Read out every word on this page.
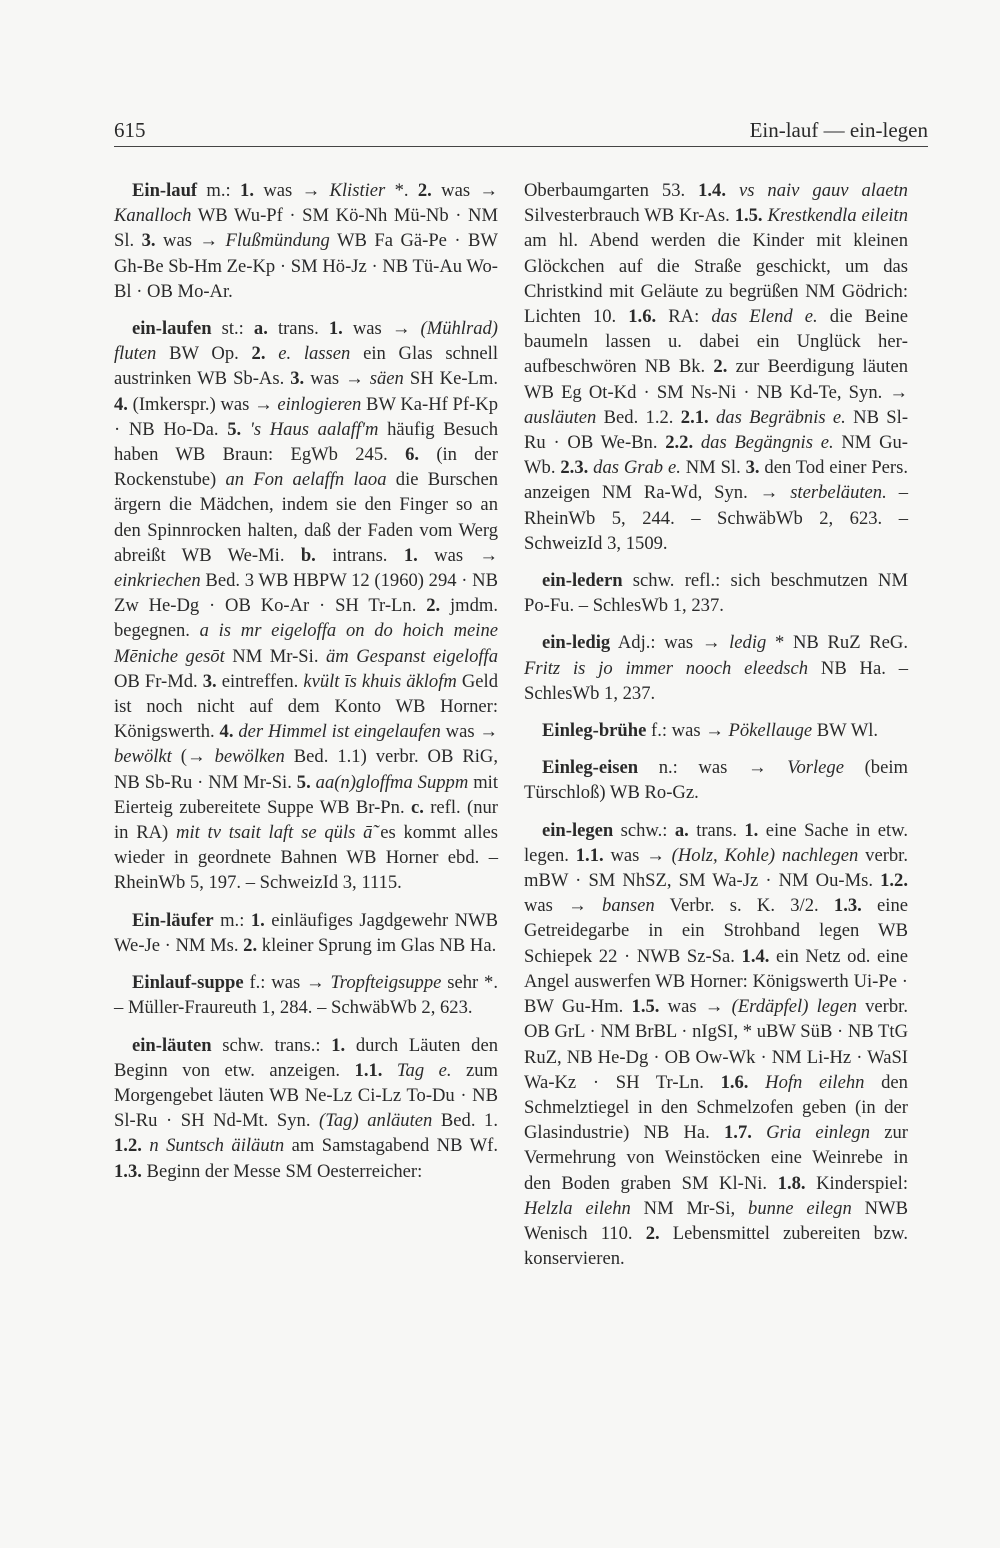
615	Ein-lauf — ein-legen

Ein-lauf m.: 1. was → Klistier *. 2. was → Kanalloch WB Wu-Pf · SM Kö-Nh Mü-Nb · NM Sl. 3. was → Flußmündung WB Fa Gä-Pe · BW Gh-Be Sb-Hm Ze-Kp · SM Hö-Jz · NB Tü-Au Wo-Bl · OB Mo-Ar.

ein-laufen st.: a. trans. 1. was → (Mühlrad) fluten BW Op. 2. e. lassen ein Glas schnell austrinken WB Sb-As. 3. was → säen SH Ke-Lm. 4. (Imkerspr.) was → einlogieren BW Ka-Hf Pf-Kp · NB Ho-Da. 5. 's Haus aalaff'm häufig Besuch haben WB Braun: EgWb 245. 6. (in der Rockenstube) an Fon aelaffn laoa die Burschen ärgern die Mädchen, indem sie den Finger so an den Spinnrocken halten, daß der Faden vom Werg abreißt WB We-Mi. b. intrans. 1. was → einkriechen Bed. 3 WB HBPW 12 (1960) 294 · NB Zw He-Dg · OB Ko-Ar · SH Tr-Ln. 2. jmdm. begegnen. a is mr eigeloffa on do hoich meine Mēniche gesōt NM Mr-Si. äm Gespanst eigeloffa OB Fr-Md. 3. eintreffen. kvült īs khuis äklofm Geld ist noch nicht auf dem Konto WB Horner: Königswerth. 4. der Himmel ist eingelaufen was → bewölkt (→ bewölken Bed. 1.1) verbr. OB RiG, NB Sb-Ru · NM Mr-Si. 5. aa(n)gloffma Suppm mit Eierteig zubereitete Suppe WB Br-Pn. c. refl. (nur in RA) mit tv tsait laft se qüls ā̃ es kommt alles wieder in geordnete Bahnen WB Horner ebd. – RheinWb 5, 197. – SchweizId 3, 1115.

Ein-läufer m.: 1. einläufiges Jagdgewehr NWB We-Je · NM Ms. 2. kleiner Sprung im Glas NB Ha.

Einlauf-suppe f.: was → Tropfteigsuppe sehr *. – Müller-Fraureuth 1, 284. – SchwäbWb 2, 623.

ein-läuten schw. trans.: 1. durch Läuten den Beginn von etw. anzeigen. 1.1. Tag e. zum Morgengebet läuten WB Ne-Lz Ci-Lz To-Du · NB Sl-Ru · SH Nd-Mt. Syn. (Tag) anläuten Bed. 1. 1.2. n Suntsch äiläutn am Samstagabend NB Wf. 1.3. Beginn der Messe SM Oesterreicher:

Oberbaumgarten 53. 1.4. vs naiv gauv alaetn Silvesterbrauch WB Kr-As. 1.5. Krestkendla eileitn am hl. Abend werden die Kinder mit kleinen Glöckchen auf die Straße geschickt, um das Christkind mit Geläute zu begrüßen NM Gödrich: Lichten 10. 1.6. RA: das Elend e. die Beine baumeln lassen u. dabei ein Unglück heraufbeschwören NB Bk. 2. zur Beerdigung läuten WB Eg Ot-Kd · SM Ns-Ni · NB Kd-Te, Syn. → ausläuten Bed. 1.2. 2.1. das Begräbnis e. NB Sl-Ru · OB We-Bn. 2.2. das Begängnis e. NM Gu-Wb. 2.3. das Grab e. NM Sl. 3. den Tod einer Pers. anzeigen NM Ra-Wd, Syn. → sterbeläuten. – RheinWb 5, 244. – SchwäbWb 2, 623. – SchweizId 3, 1509.

ein-ledern schw. refl.: sich beschmutzen NM Po-Fu. – SchlesWb 1, 237.

ein-ledig Adj.: was → ledig * NB RuZ ReG. Fritz is jo immer nooch eleedsch NB Ha. – SchlesWb 1, 237.

Einleg-brühe f.: was → Pökellauge BW Wl.

Einleg-eisen n.: was → Vorlege (beim Türschloß) WB Ro-Gz.

ein-legen schw.: a. trans. 1. eine Sache in etw. legen. 1.1. was → (Holz, Kohle) nachlegen verbr. mBW · SM NhSZ, SM Wa-Jz · NM Ou-Ms. 1.2. was → bansen Verbr. s. K. 3/2. 1.3. eine Getreidegarbe in ein Strohband legen WB Schiepek 22 · NWB Sz-Sa. 1.4. ein Netz od. eine Angel auswerfen WB Horner: Königswerth Ui-Pe · BW Gu-Hm. 1.5. was → (Erdäpfel) legen verbr. OB GrL · NM BrBL · nIgSI, * uBW SüB · NB TtG RuZ, NB He-Dg · OB Ow-Wk · NM Li-Hz · WaSI Wa-Kz · SH Tr-Ln. 1.6. Hofn eilehn den Schmelztiegel in den Schmelzofen geben (in der Glasindustrie) NB Ha. 1.7. Gria einlegn zur Vermehrung von Weinstöcken eine Weinrebe in den Boden graben SM Kl-Ni. 1.8. Kinderspiel: Helzla eilehn NM Mr-Si, bunne eilegn NWB Wenisch 110. 2. Lebensmittel zubereiten bzw. konservieren.
